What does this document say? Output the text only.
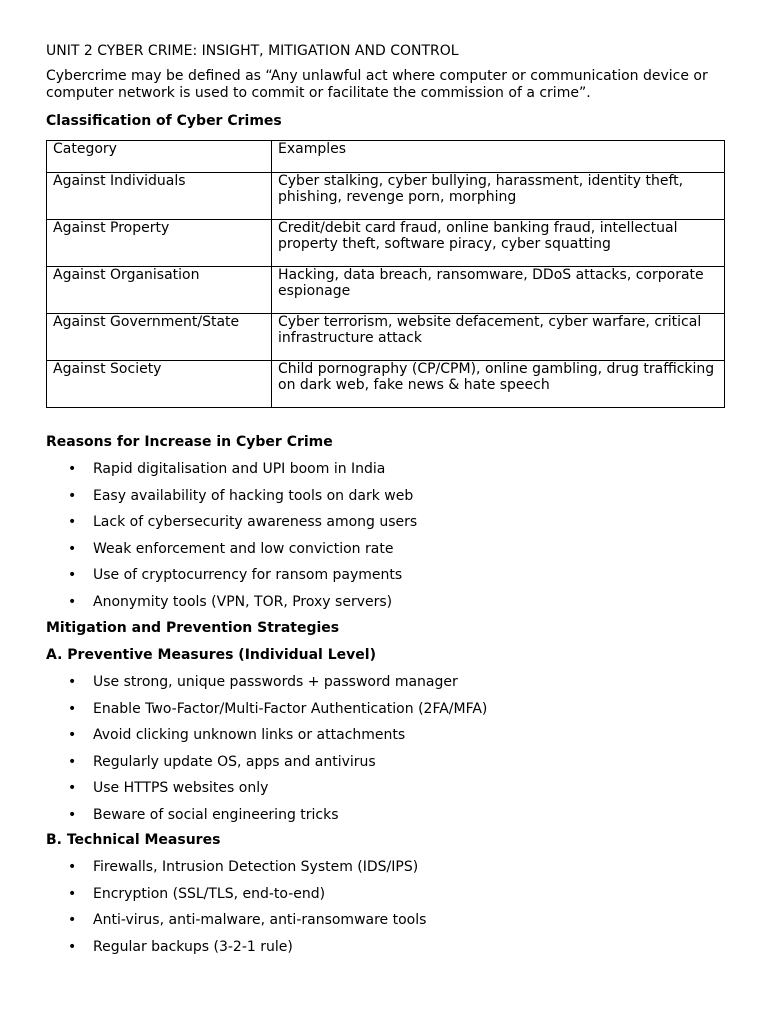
UNIT 2 CYBER CRIME: INSIGHT, MITIGATION AND CONTROL
Cybercrime may be defined as “Any unlawful act where computer or communication device or computer network is used to commit or facilitate the commission of a crime”.
Classification of Cyber Crimes
Category	Examples
Against Individuals	Cyber stalking, cyber bullying, harassment, identity theft, phishing, revenge porn, morphing
Against Property	Credit/debit card fraud, online banking fraud, intellectual property theft, software piracy, cyber squatting
Against Organisation	Hacking, data breach, ransomware, DDoS attacks, corporate espionage
Against Government/State	Cyber terrorism, website defacement, cyber warfare, critical infrastructure attack
Against Society	Child pornography (CP/CPM), online gambling, drug trafficking on dark web, fake news & hate speech
Reasons for Increase in Cyber Crime
• Rapid digitalisation and UPI boom in India
• Easy availability of hacking tools on dark web
• Lack of cybersecurity awareness among users
• Weak enforcement and low conviction rate
• Use of cryptocurrency for ransom payments
• Anonymity tools (VPN, TOR, Proxy servers)
Mitigation and Prevention Strategies
A. Preventive Measures (Individual Level)
• Use strong, unique passwords + password manager
• Enable Two-Factor/Multi-Factor Authentication (2FA/MFA)
• Avoid clicking unknown links or attachments
• Regularly update OS, apps and antivirus
• Use HTTPS websites only
• Beware of social engineering tricks
B. Technical Measures
• Firewalls, Intrusion Detection System (IDS/IPS)
• Encryption (SSL/TLS, end-to-end)
• Anti-virus, anti-malware, anti-ransomware tools
• Regular backups (3-2-1 rule)
